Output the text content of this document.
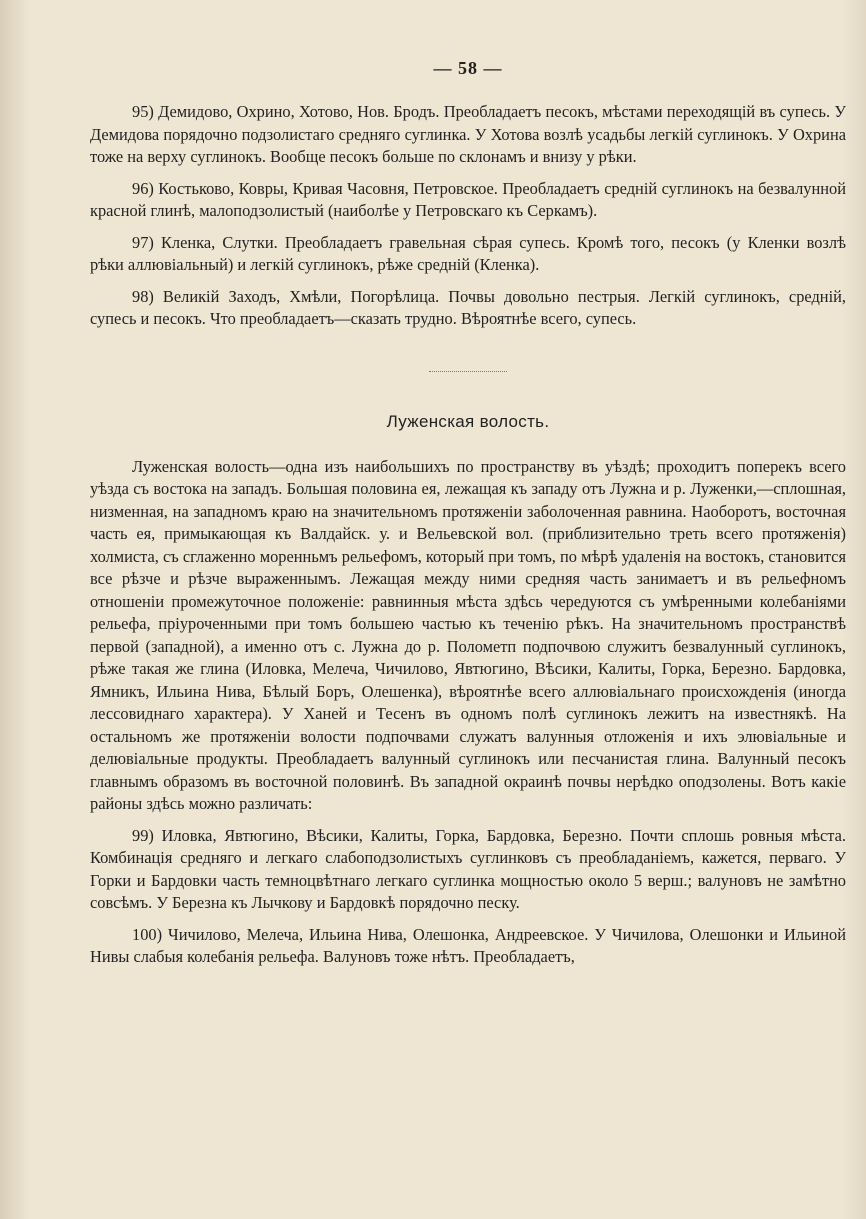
— 58 —

95) Демидово, Охрино, Хотово, Нов. Бродъ. Преобладаетъ песокъ, мѣстами переходящій въ супесь. У Демидова порядочно подзолистаго средняго суглинка. У Хотова возлѣ усадьбы легкій суглинокъ. У Охрина тоже на верху суглинокъ. Вообще песокъ больше по склонамъ и внизу у рѣки.

96) Костьково, Ковры, Кривая Часовня, Петровское. Преобладаетъ средній суглинокъ на безвалунной красной глинѣ, малоподзолистый (наиболѣе у Петровскаго къ Серкамъ).

97) Кленка, Слутки. Преобладаетъ гравельная сѣрая супесь. Кромѣ того, песокъ (у Кленки возлѣ рѣки аллювіальный) и легкій суглинокъ, рѣже средній (Кленка).

98) Великій Заходъ, Хмѣли, Погорѣлица. Почвы довольно пестрыя. Легкій суглинокъ, средній, супесь и песокъ. Что преобладаетъ—сказать трудно. Вѣроятнѣе всего, супесь.

Луженская волость.

Луженская волость—одна изъ наибольшихъ по пространству въ уѣздѣ; проходитъ поперекъ всего уѣзда съ востока на западъ. Большая половина ея, лежащая къ западу отъ Лужна и р. Луженки,—сплошная, низменная, на западномъ краю на значительномъ протяженіи заболоченная равнина. Наоборотъ, восточная часть ея, примыкающая къ Валдайск. у. и Вельевской вол. (приблизительно треть всего протяженія) холмиста, съ сглаженно моренньмъ рельефомъ, который при томъ, по мѣрѣ удаленія на востокъ, становится все рѣзче и рѣзче выраженнымъ. Лежащая между ними средняя часть занимаетъ и въ рельефномъ отношеніи промежуточное положеніе: равнинныя мѣста здѣсь чередуются съ умѣренными колебаніями рельефа, пріуроченными при томъ большею частью къ теченію рѣкъ. На значительномъ пространствѣ первой (западной), а именно отъ с. Лужна до р. Полометп подпочвою служитъ безвалунный суглинокъ, рѣже такая же глина (Иловка, Мелеча, Чичилово, Явтюгино, Вѣсики, Калиты, Горка, Березно. Бардовка, Ямникъ, Ильина Нива, Бѣлый Боръ, Олешенка), вѣроятнѣе всего аллювіальнаго происхожденія (иногда лессовиднаго характера). У Ханей и Тесенъ въ одномъ полѣ суглинокъ лежитъ на известнякѣ. На остальномъ же протяженіи волости подпочвами служатъ валунныя отложенія и ихъ элювіальные и делювіальные продукты. Преобладаетъ валунный суглинокъ или песчанистая глина. Валунный песокъ главнымъ образомъ въ восточной половинѣ. Въ западной окраинѣ почвы нерѣдко оподзолены. Вотъ какіе районы здѣсь можно различать:

99) Иловка, Явтюгино, Вѣсики, Калиты, Горка, Бардовка, Березно. Почти сплошь ровныя мѣста. Комбинація средняго и легкаго слабоподзолистыхъ суглинковъ съ преобладаніемъ, кажется, перваго. У Горки и Бардовки часть темноцвѣтнаго легкаго суглинка мощностью около 5 верш.; валуновъ не замѣтно совсѣмъ. У Березна къ Лычкову и Бардовкѣ порядочно песку.

100) Чичилово, Мелеча, Ильина Нива, Олешонка, Андреевское. У Чичилова, Олешонки и Ильиной Нивы слабыя колебанія рельефа. Валуновъ тоже нѣтъ. Преобладаетъ,
